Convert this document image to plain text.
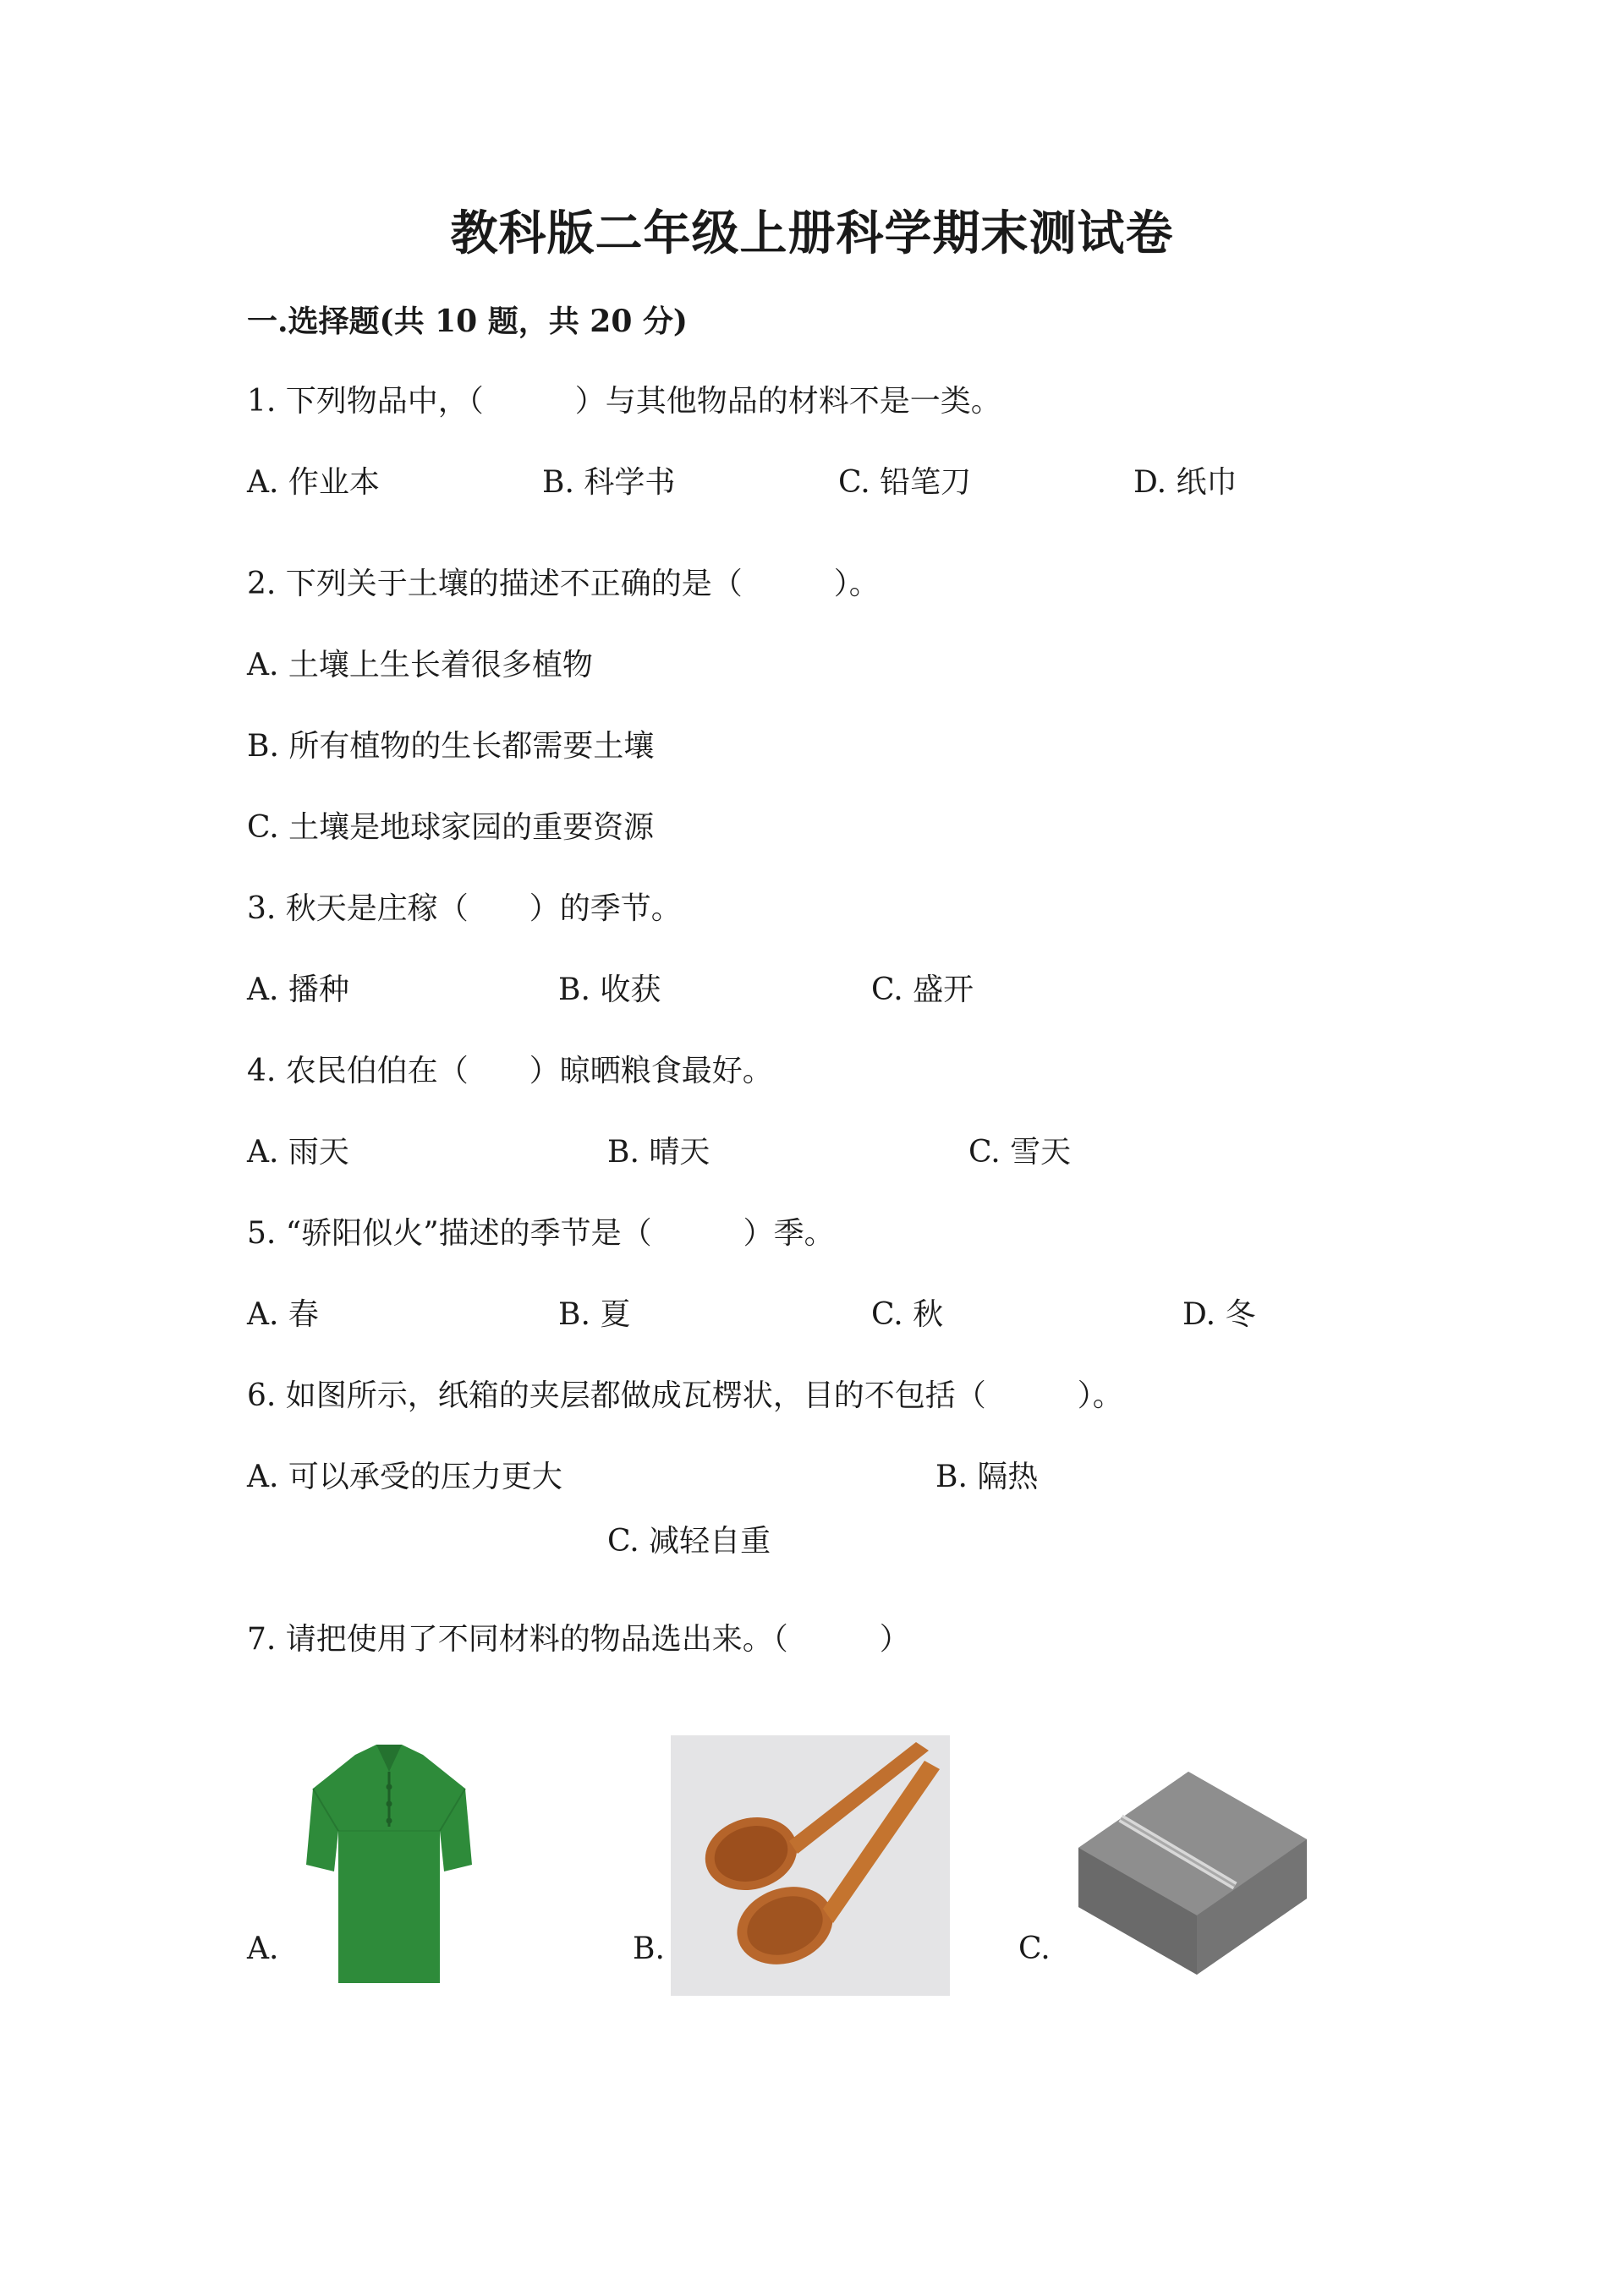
教科版二年级上册科学期末测试卷
一.选择题(共 10 题，共 20 分)
1. 下列物品中，（　　　）与其他物品的材料不是一类。
A. 作业本	B. 科学书	C. 铅笔刀	D. 纸巾
2. 下列关于土壤的描述不正确的是（　　　）。
A. 土壤上生长着很多植物
B. 所有植物的生长都需要土壤
C. 土壤是地球家园的重要资源
3. 秋天是庄稼（　　）的季节。
A. 播种	B. 收获	C. 盛开
4. 农民伯伯在（　　）晾晒粮食最好。
A. 雨天	B. 晴天	C. 雪天
5. “骄阳似火”描述的季节是（　　　）季。
A. 春	B. 夏	C. 秋	D. 冬
6. 如图所示，纸箱的夹层都做成瓦楞状，目的不包括（　　　）。
A. 可以承受的压力更大	B. 隔热
C. 减轻自重
7. 请把使用了不同材料的物品选出来。（　　　）
A.	B.	C.
